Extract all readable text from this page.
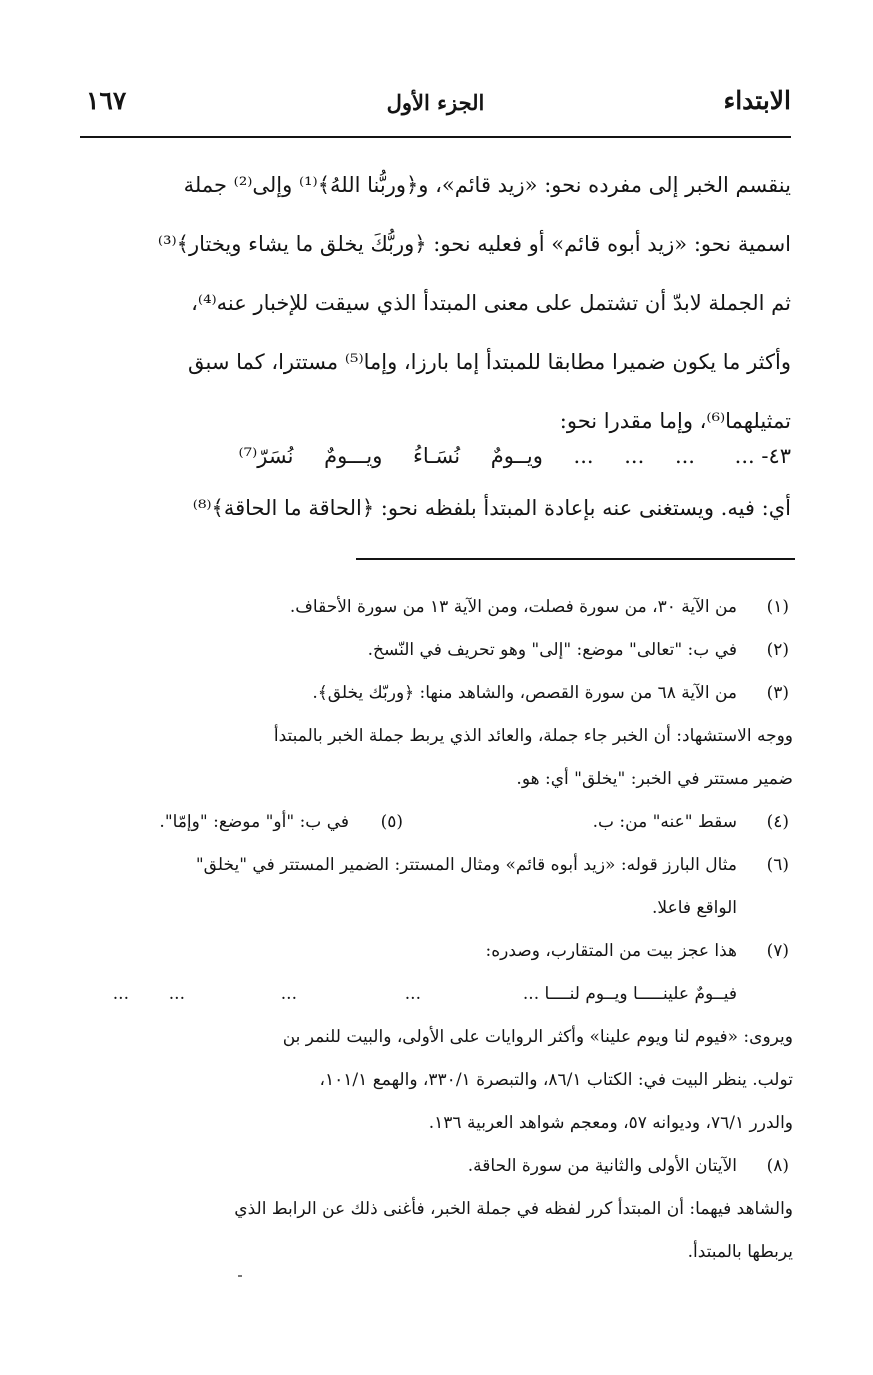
الابتداء
الجزء الأول
١٦٧
ينقسم الخبر إلى مفرده نحو: «زيد قائم»، و﴿وربُّنا اللهُ﴾⁽¹⁾ وإلى⁽²⁾ جملة
اسمية نحو: «زيد أبوه قائم» أو فعليه نحو: ﴿وربُّكَ يخلق ما يشاء ويختار﴾⁽³⁾
ثم الجملة لابدّ أن تشتمل على معنى المبتدأ الذي سيقت للإخبار عنه⁽⁴⁾،
وأكثر ما يكون ضميرا مطابقا للمبتدأ إما بارزا، وإما⁽⁵⁾ مستترا، كما سبق
تمثيلهما⁽⁶⁾، وإما مقدرا نحو:
٤٣- ...
... ... ... ويــومٌ نُسَـاءُ ويـــومٌ نُسَرّ⁽⁷⁾

أي: فيه. ويستغنى عنه بإعادة المبتدأ بلفظه نحو: ﴿الحاقة ما الحاقة﴾⁽⁸⁾

(١)
من الآية ٣٠، من سورة فصلت، ومن الآية ١٣ من سورة الأحقاف.
(٢)
في ب: "تعالى" موضع: "إلى" وهو تحريف في النّسخ.
(٣)
من الآية ٦٨ من سورة القصص، والشاهد منها: ﴿وربّك يخلق﴾.
ووجه الاستشهاد: أن الخبر جاء جملة، والعائد الذي يربط جملة الخبر بالمبتدأ
ضمير مستتر في الخبر: "يخلق" أي: هو.
(٤)
سقط "عنه" من: ب.
(٥)
في ب: "أو" موضع: "وإمّا".
(٦)
مثال البارز قوله: «زيد أبوه قائم» ومثال المستتر: الضمير المستتر في "يخلق"
الواقع فاعلا.
(٧)
هذا عجز بيت من المتقارب، وصدره:
فيــومٌ علينـــــا ويــوم لنــــا ...
...
...
...
...
ويروى: «فيوم لنا ويوم علينا» وأكثر الروايات على الأولى، والبيت للنمر بن
تولب. ينظر البيت في: الكتاب ٨٦/١، والتبصرة ٣٣٠/١، والهمع ١٠١/١،
والدرر ٧٦/١، وديوانه ٥٧، ومعجم شواهد العربية ١٣٦.
(٨)
الآيتان الأولى والثانية من سورة الحاقة.
والشاهد فيهما: أن المبتدأ كرر لفظه في جملة الخبر، فأغنى ذلك عن الرابط الذي
يربطها بالمبتدأ.
